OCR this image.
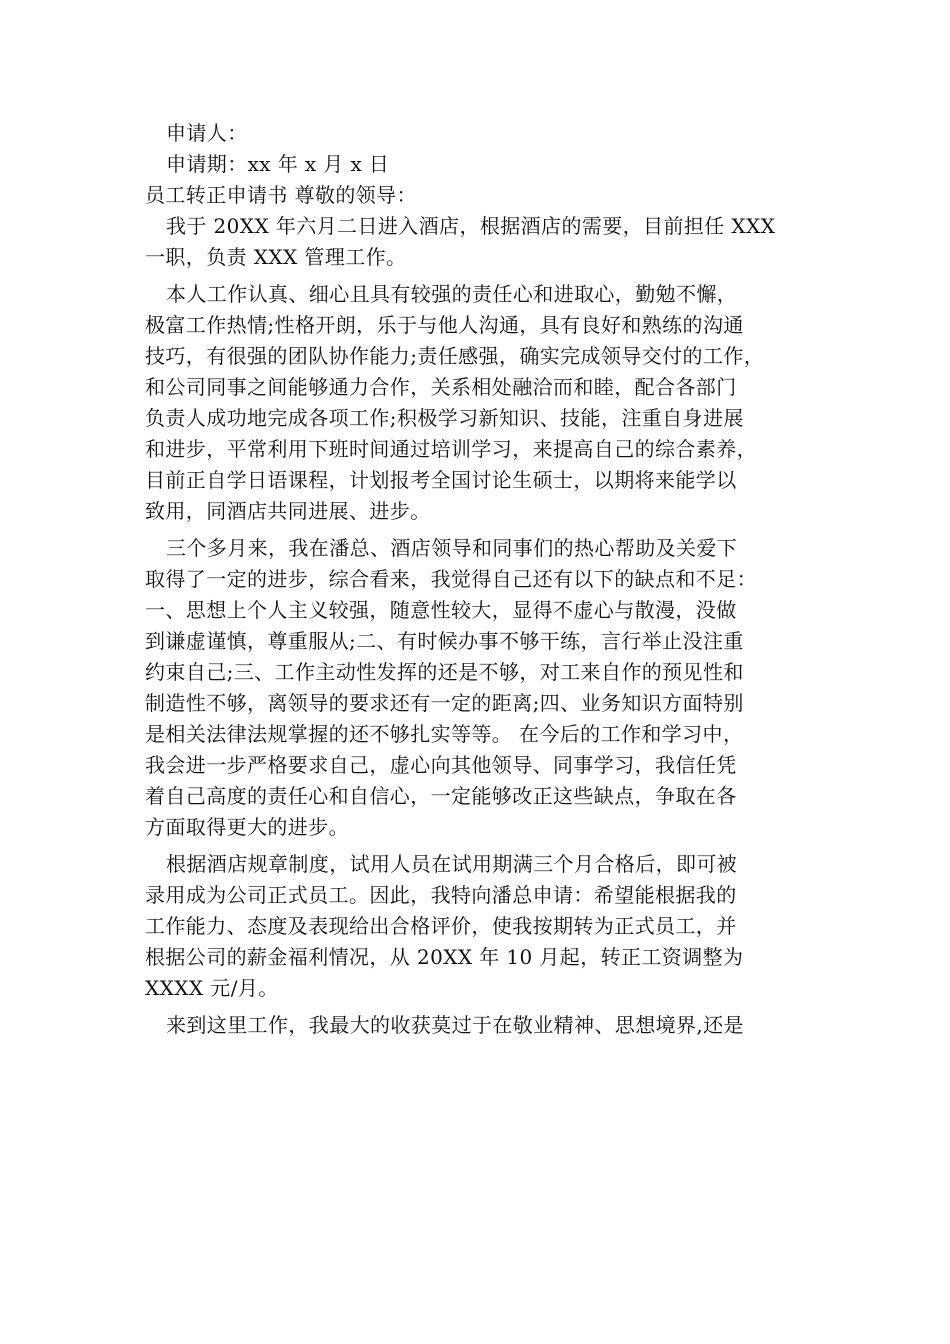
申请人：
申请期：xx 年 x 月 x 日
员工转正申请书 尊敬的领导：
我于 20XX 年六月二日进入酒店，根据酒店的需要，目前担任 XXX
一职，负责 XXX 管理工作。
本人工作认真、细心且具有较强的责任心和进取心，勤勉不懈，
极富工作热情;性格开朗，乐于与他人沟通，具有良好和熟练的沟通
技巧，有很强的团队协作能力;责任感强，确实完成领导交付的工作，
和公司同事之间能够通力合作，关系相处融洽而和睦，配合各部门
负责人成功地完成各项工作;积极学习新知识、技能，注重自身进展
和进步，平常利用下班时间通过培训学习，来提高自己的综合素养，
目前正自学日语课程，计划报考全国讨论生硕士，以期将来能学以
致用，同酒店共同进展、进步。
三个多月来，我在潘总、酒店领导和同事们的热心帮助及关爱下
取得了一定的进步，综合看来，我觉得自己还有以下的缺点和不足：
一、思想上个人主义较强，随意性较大，显得不虚心与散漫，没做
到谦虚谨慎，尊重服从;二、有时候办事不够干练，言行举止没注重
约束自己;三、工作主动性发挥的还是不够，对工来自作的预见性和
制造性不够，离领导的要求还有一定的距离;四、业务知识方面特别
是相关法律法规掌握的还不够扎实等等。 在今后的工作和学习中，
我会进一步严格要求自己，虚心向其他领导、同事学习，我信任凭
着自己高度的责任心和自信心，一定能够改正这些缺点，争取在各
方面取得更大的进步。
根据酒店规章制度，试用人员在试用期满三个月合格后，即可被
录用成为公司正式员工。因此，我特向潘总申请：希望能根据我的
工作能力、态度及表现给出合格评价，使我按期转为正式员工，并
根据公司的薪金福利情况，从 20XX 年 10 月起，转正工资调整为
XXXX 元/月。
来到这里工作，我最大的收获莫过于在敬业精神、思想境界,还是
